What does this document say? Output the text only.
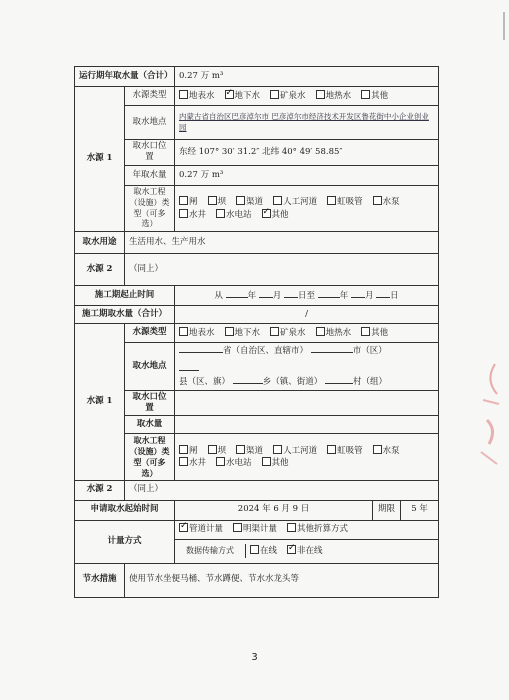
运行期年取水量（合计）	0.27 万 m³
水源 1	水源类型	地表水 ✓ 地下水 矿泉水 地热水 其他
取水地点	内蒙古省自治区巴彦淖尔市 巴彦淖尔市经济技术开发区鲁花街中小企业创业园
取水口位置	东经 107° 30′ 31.2″ 北纬 40° 49′ 58.85″
年取水量	0.27 万 m³
取水工程（设施）类型（可多选）	闸 坝 渠道 人工河道 虹吸管 水泵
水井 水电站 ✓ 其他
取水用途	生活用水、生产用水
水源 2	（同上）
施工期起止时间	从	年 月 日至	年 月 日
施工期取水量（合计）	/
水源 1	水源类型	地表水 地下水 矿泉水 地热水 其他
取水地点	
省（自治区、直辖市）	市（区）

县（区、旗）	乡（镇、街道）	村（组）

取水口位置	
取水量	
取水工程（设施）类型（可多选）	闸 坝 渠道 人工河道 虹吸管 水泵
水井 水电站 其他
水源 2	（同上）
申请取水起始时间	2024 年 6 月 9 日	期限	5 年
计量方式	✓管道计量 明渠计量 其他折算方式

数据传输方式	在线 ✓ 非在线

节水措施	使用节水坐便马桶、节水蹲便、节水水龙头等
3
